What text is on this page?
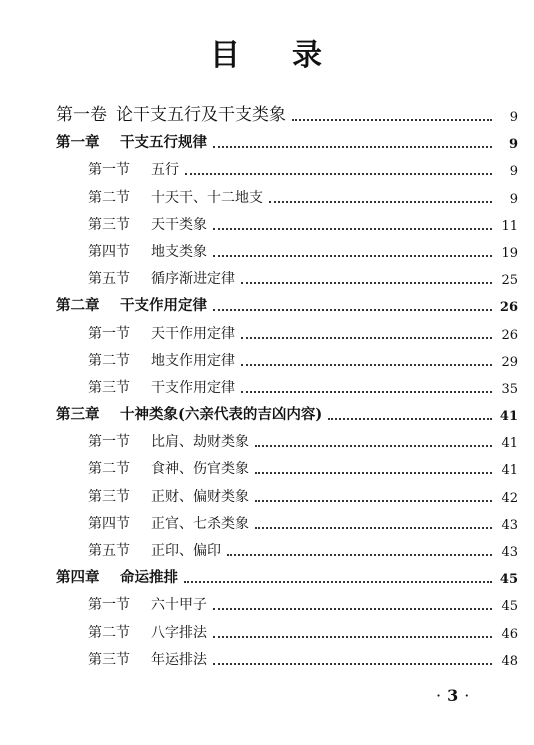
目 录
第一卷 论干支五行及干支类象	9
第一章	干支五行规律	9
第一节	五行	9
第二节	十天干、十二地支	9
第三节	天干类象	11
第四节	地支类象	19
第五节	循序渐进定律	25
第二章	干支作用定律	26
第一节	天干作用定律	26
第二节	地支作用定律	29
第三节	干支作用定律	35
第三章	十神类象(六亲代表的吉凶内容)	41
第一节	比肩、劫财类象	41
第二节	食神、伤官类象	41
第三节	正财、偏财类象	42
第四节	正官、七杀类象	43
第五节	正印、偏印	43
第四章	命运推排	45
第一节	六十甲子	45
第二节	八字排法	46
第三节	年运排法	48
· 3 ·
